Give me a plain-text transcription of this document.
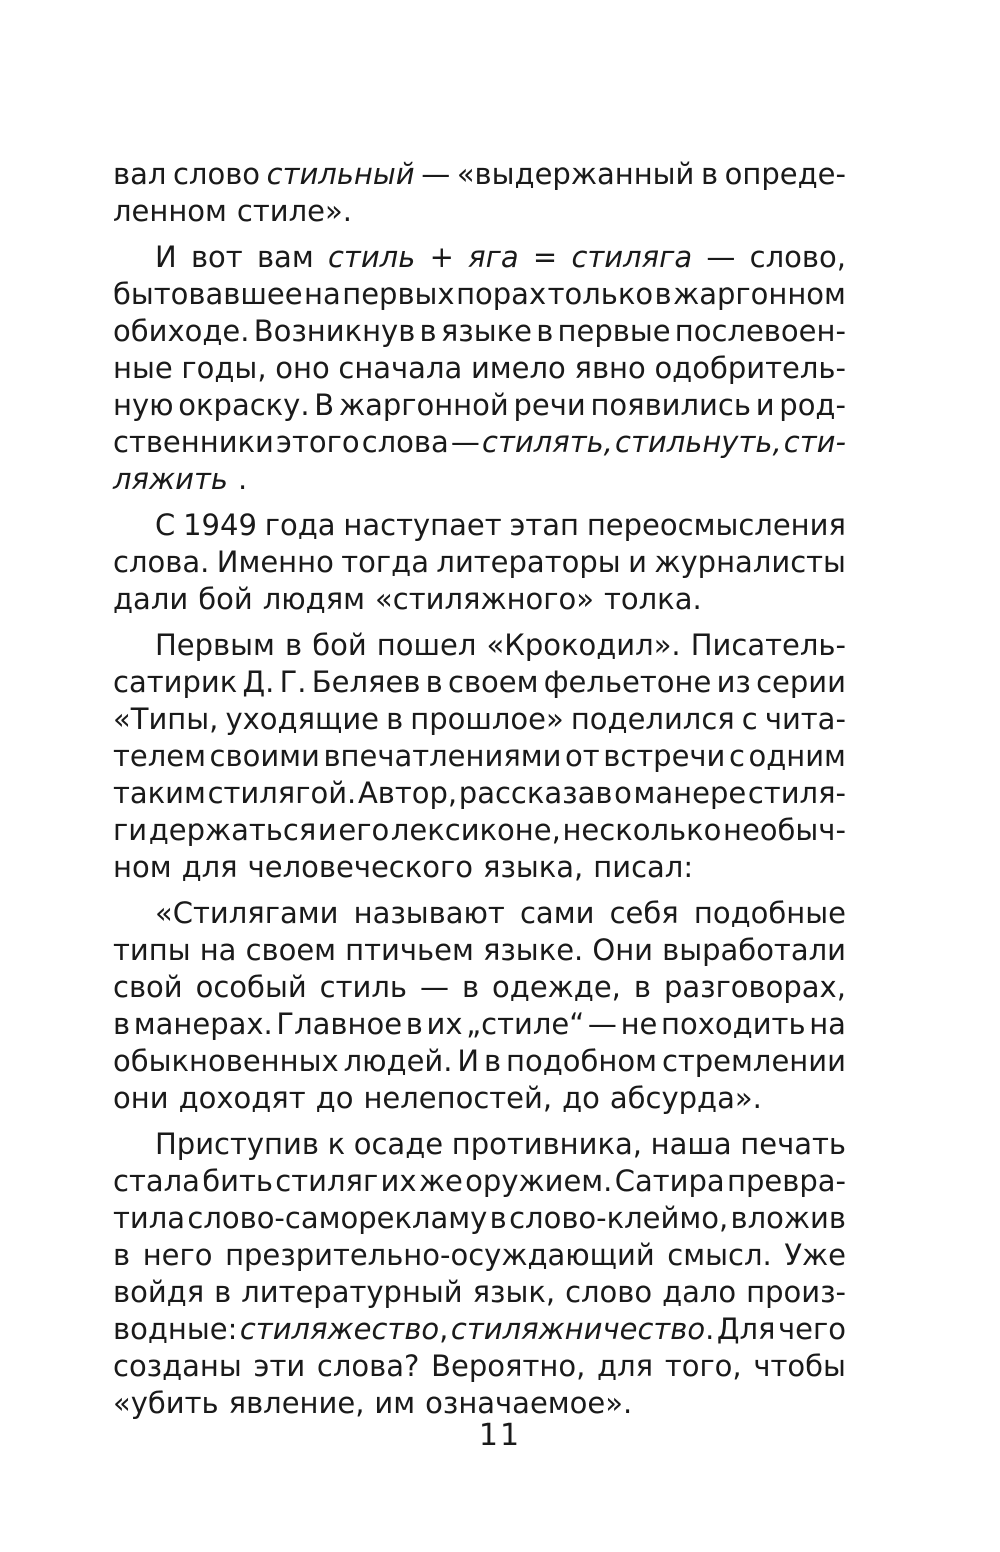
вал слово стильный — «выдержанный в опреде-
ленном стиле».
И вот вам стиль + яга = стиляга — слово,
бытовавшее на первых порах только в жаргонном
обиходе. Возникнув в языке в первые послевоен-
ные годы, оно сначала имело явно одобритель-
ную окраску. В жаргонной речи появились и род-
ственники этого слова — стилять, стильнуть, сти-
ляжить .
С 1949 года наступает этап переосмысления
слова. Именно тогда литераторы и журналисты
дали бой людям «стиляжного» толка.
Первым в бой пошел «Крокодил». Писатель-
сатирик Д. Г. Беляев в своем фельетоне из серии
«Типы, уходящие в прошлое» поделился с чита-
телем своими впечатлениями от встречи с одним
таким стилягой. Автор, рассказав о манере стиля-
ги держаться и его лексиконе, несколько необыч-
ном для человеческого языка, писал:
«Стилягами называют сами себя подобные
типы на своем птичьем языке. Они выработали
свой особый стиль — в одежде, в разговорах,
в манерах. Главное в их „стиле“ — не походить на
обыкновенных людей. И в подобном стремлении
они доходят до нелепостей, до абсурда».
Приступив к осаде противника, наша печать
стала бить стиляг их же оружием. Сатира превра-
тила слово-саморекламу в слово-клеймо, вложив
в него презрительно-осуждающий смысл. Уже
войдя в литературный язык, слово дало произ-
водные: стиляжество, стиляжничество. Для чего
созданы эти слова? Вероятно, для того, чтобы
«убить явление, им означаемое».
11
